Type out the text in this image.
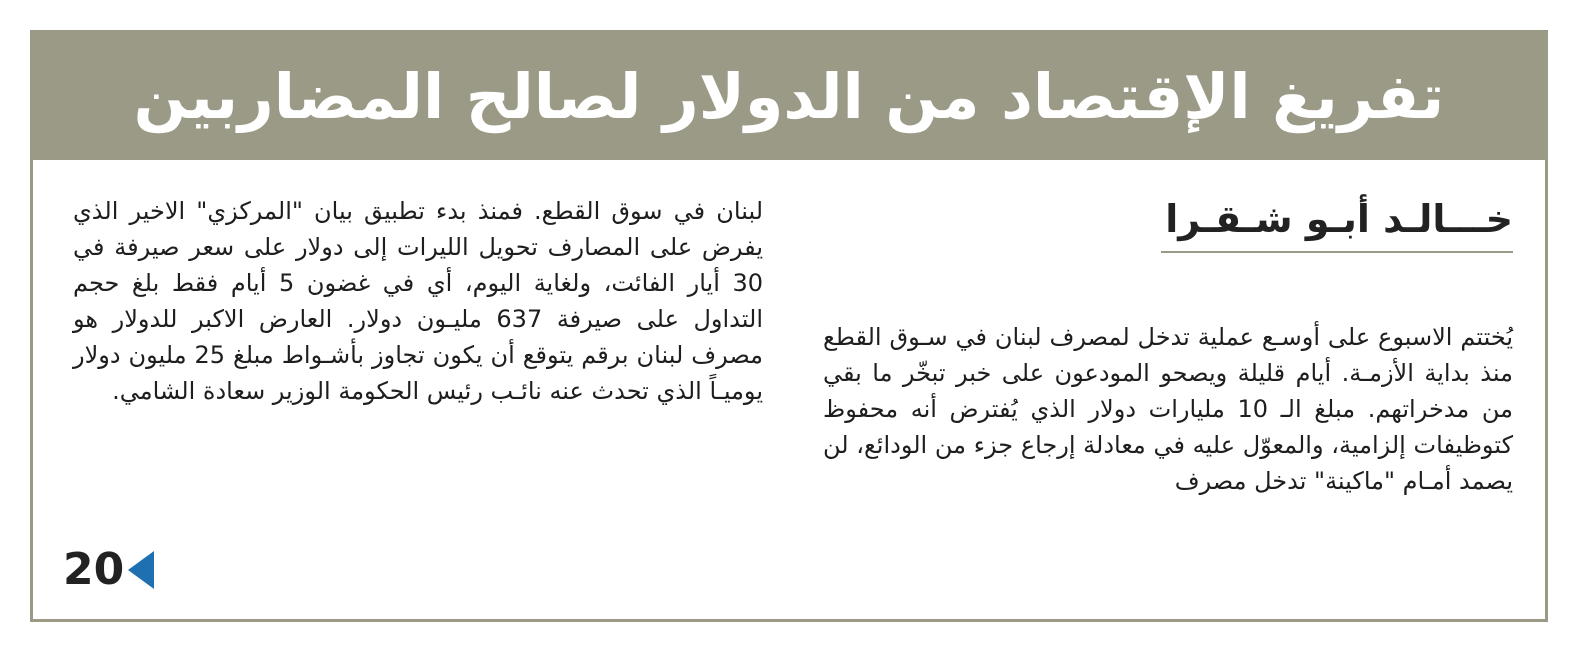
تفريغ الإقتصاد من الدولار لصالح المضاربين
خـــالـد أبـو شـقـرا

يُختتم الاسبوع على أوسـع عملية تدخل لمصرف لبنان في سـوق القطع منذ بداية الأزمـة. أيام قليلة ويصحو المودعون على خبر تبخّر ما بقي من مدخراتهم. مبلغ الـ 10 مليارات دولار الذي يُفترض أنه محفوظ كتوظيفات إلزامية، والمعوّل عليه في معادلة إرجاع جزء من الودائع، لن يصمد أمـام "ماكينة" تدخل مصرف

لبنان في سوق القطع. فمنذ بدء تطبيق بيان "المركزي" الاخير الذي يفرض على المصارف تحويل الليرات إلى دولار على سعر صيرفة في 30 أيار الفائت، ولغاية اليوم، أي في غضون 5 أيام فقط بلغ حجم التداول على صيرفة 637 مليـون دولار. العارض الاكبر للدولار هو مصرف لبنان برقم يتوقع أن يكون تجاوز بأشـواط مبلغ 25 مليون دولار يوميـاً الذي تحدث عنه نائـب رئيس الحكومة الوزير سعادة الشامي.

20
